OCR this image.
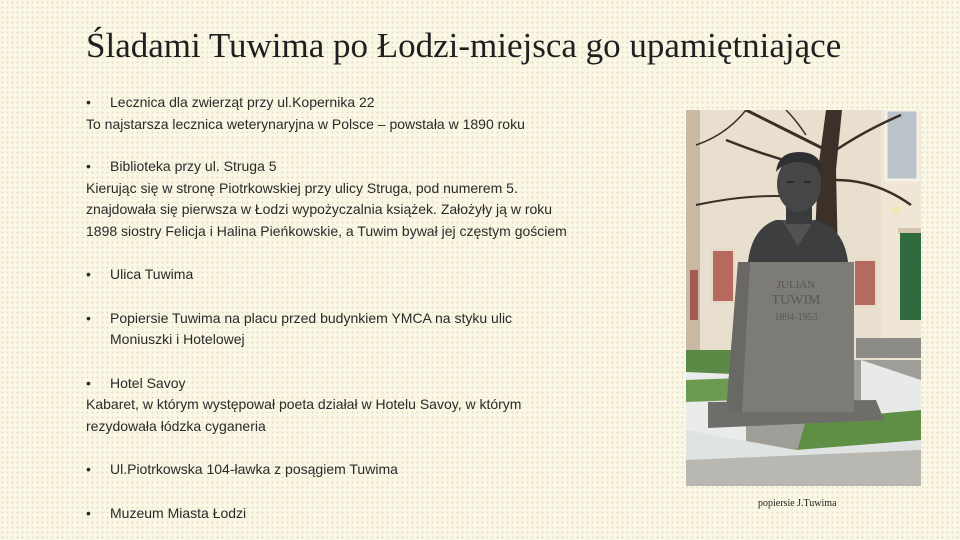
Śladami Tuwima po Łodzi-miejsca go upamiętniające
•	Lecznica dla zwierząt przy ul.Kopernika 22
To najstarsza lecznica weterynaryjna w Polsce – powstała w 1890 roku
•	Biblioteka przy ul. Struga 5
Kierując się w stronę Piotrkowskiej przy ulicy Struga, pod numerem 5.
znajdowała się pierwsza w Łodzi wypożyczalnia książek. Założyły ją w roku
1898 siostry Felicja i Halina Pieńkowskie, a Tuwim bywał jej częstym gościem
•	Ulica Tuwima
•	Popiersie Tuwima na placu przed budynkiem YMCA na styku ulic
Moniuszki i Hotelowej
•	Hotel Savoy
Kabaret, w którym występował poeta działał w Hotelu Savoy, w którym
rezydowała łódzka cyganeria
•	Ul.Piotrkowska 104-ławka z posągiem Tuwima
•	Muzeum Miasta Łodzi
JULIAN
TUWIM
1894-1953
popiersie J.Tuwima
